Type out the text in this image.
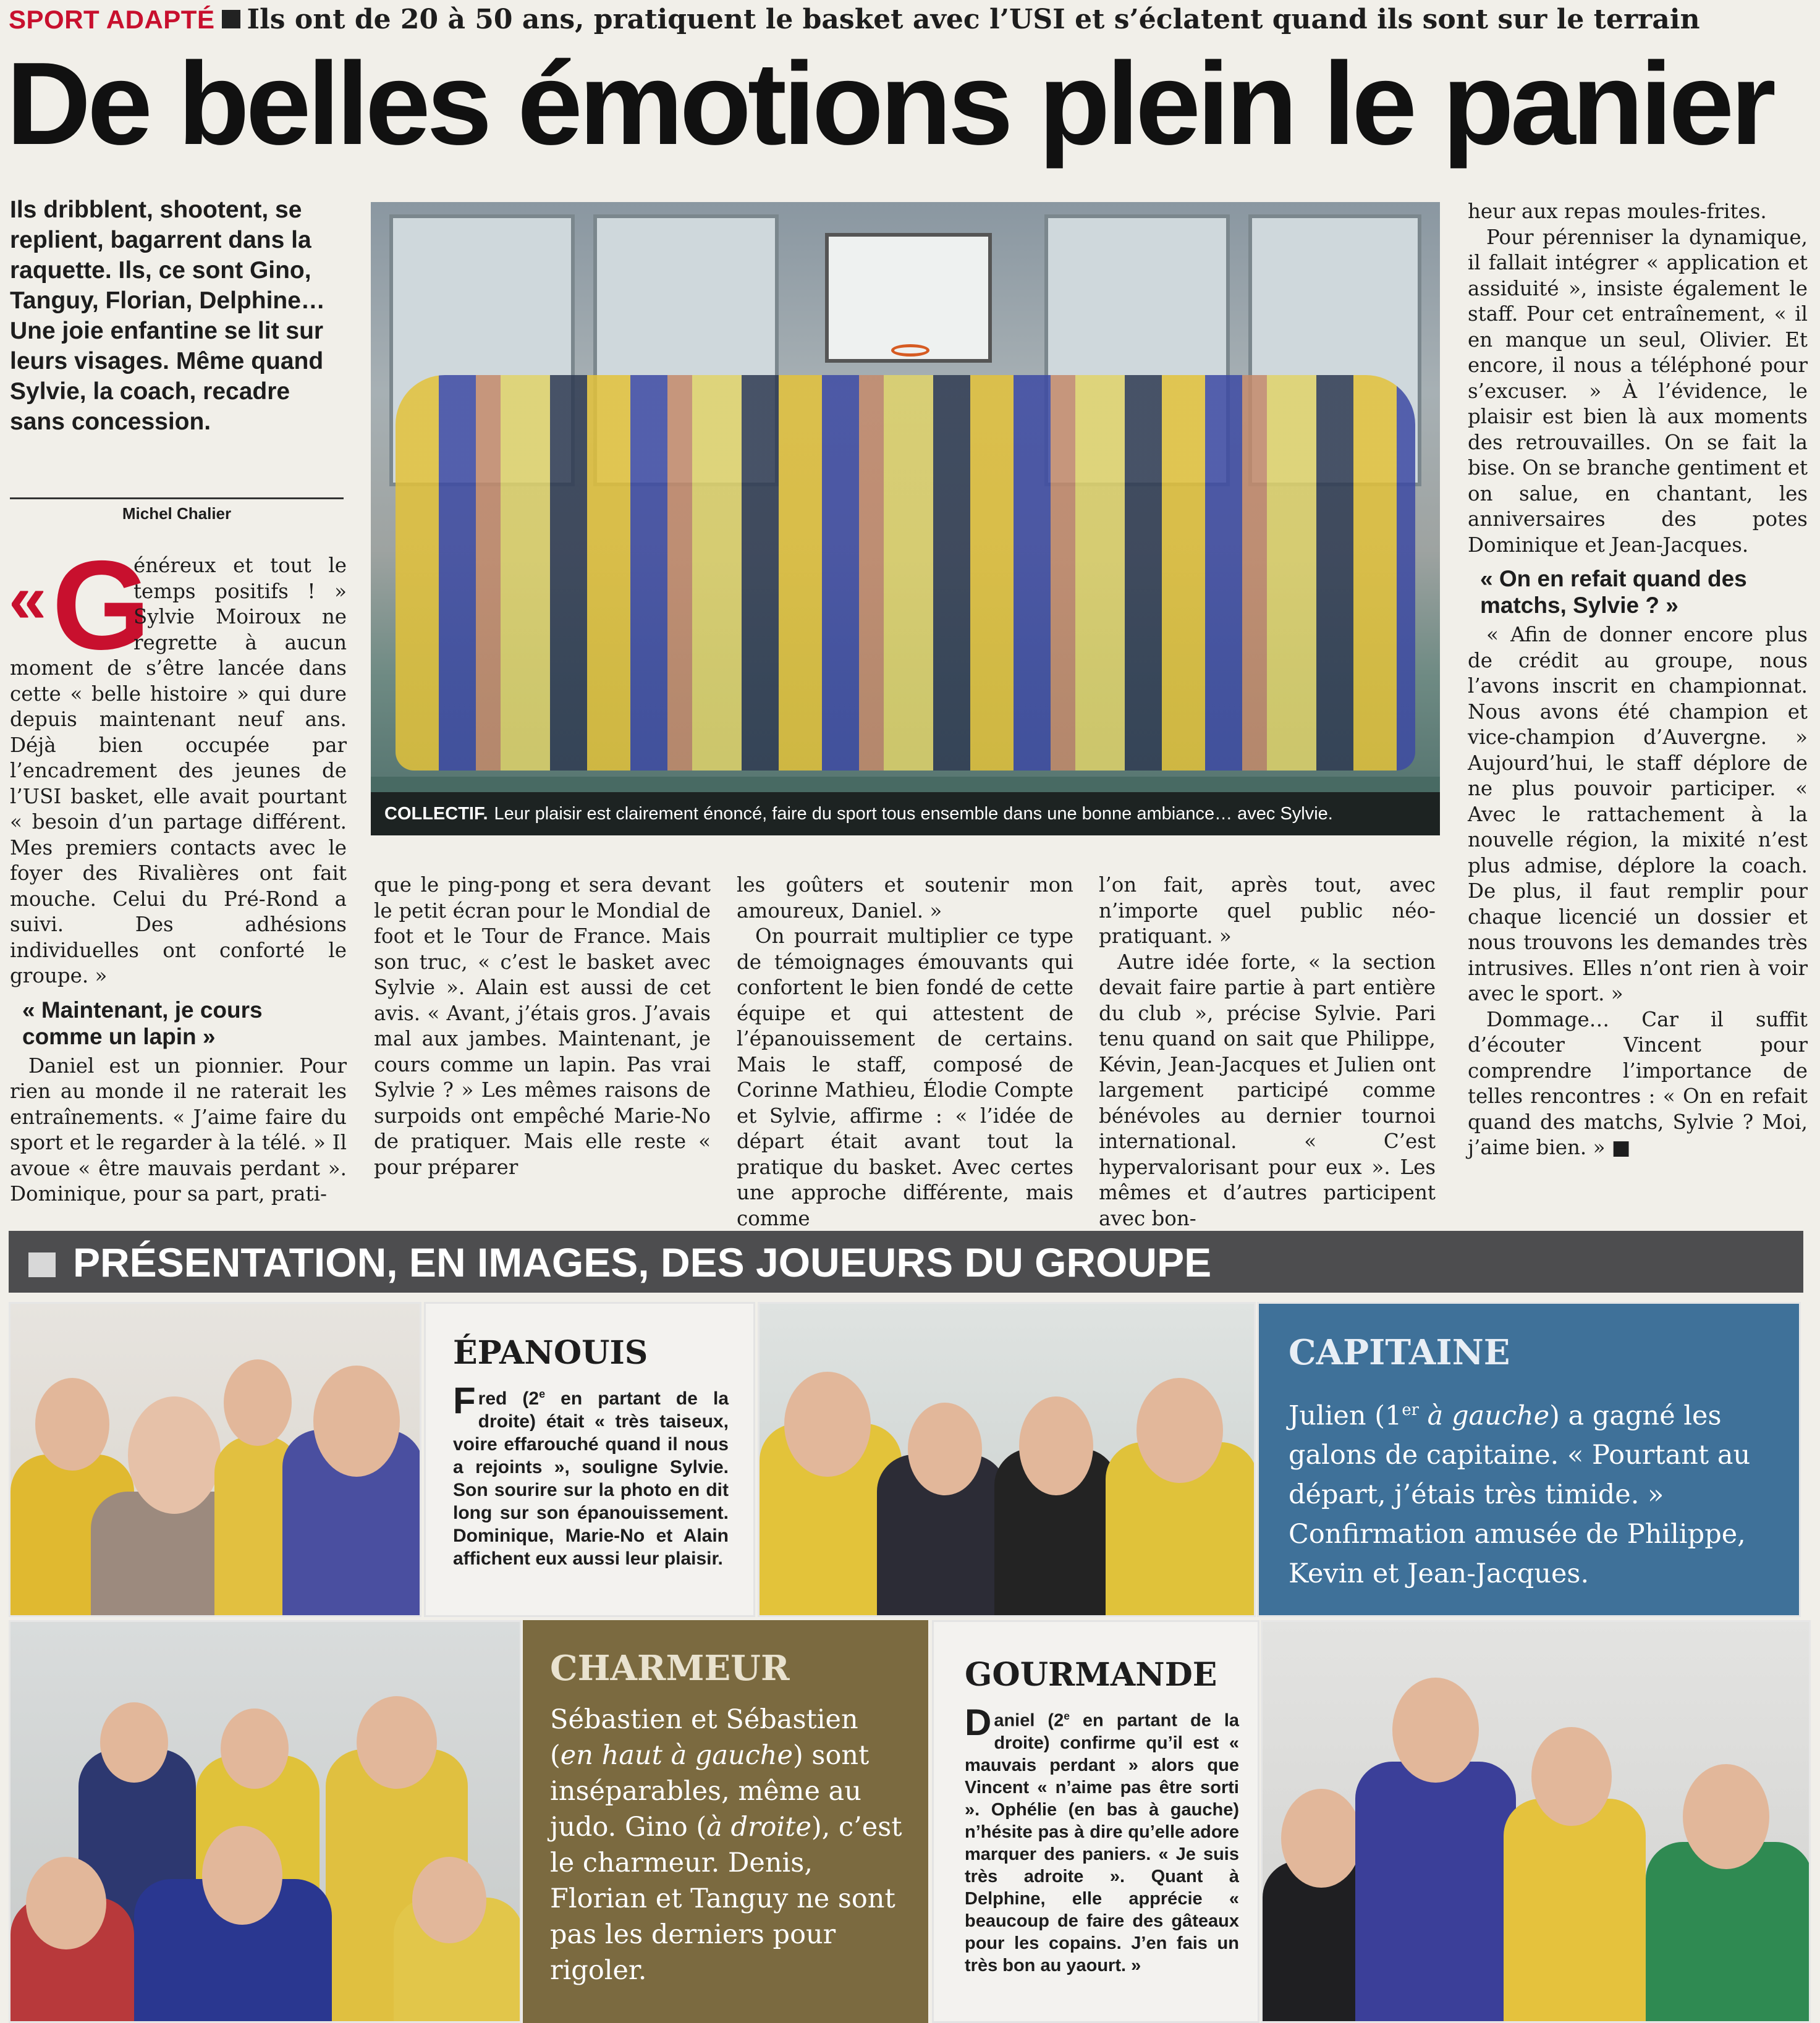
SPORT ADAPTÉ Ils ont de 20 à 50 ans, pratiquent le basket avec l’USI et s’éclatent quand ils sont sur le terrain
De belles émotions plein le panier
Ils dribblent, shootent, se replient, bagarrent dans la raquette. Ils, ce sont Gino, Tanguy, Florian, Delphine… Une joie enfantine se lit sur leurs visages. Même quand Sylvie, la coach, recadre sans concession.
Michel Chalier
COLLECTIF. Leur plaisir est clairement énoncé, faire du sport tous ensemble dans une bonne ambiance… avec Sylvie.
« G

énéreux et tout le temps positifs ! » Sylvie Moiroux ne regrette à aucun moment de s’être lancée dans cette « belle histoire » qui dure depuis maintenant neuf ans. Déjà bien occupée par l’encadrement des jeunes de l’USI basket, elle avait pourtant « besoin d’un partage différent. Mes premiers contacts avec le foyer des Rivalières ont fait mouche. Celui du Pré-Rond a suivi. Des adhésions individuelles ont conforté le groupe. »

« Maintenant, je cours comme un lapin »

Daniel est un pionnier. Pour rien au monde il ne raterait les entraînements. « J’aime faire du sport et le regarder à la télé. » Il avoue « être mauvais perdant ». Dominique, pour sa part, prati-

que le ping-pong et sera devant le petit écran pour le Mondial de foot et le Tour de France. Mais son truc, « c’est le basket avec Sylvie ». Alain est aussi de cet avis. « Avant, j’étais gros. J’avais mal aux jambes. Maintenant, je cours comme un lapin. Pas vrai Sylvie ? » Les mêmes raisons de surpoids ont empêché Marie-No de pratiquer. Mais elle reste « pour préparer

les goûters et soutenir mon amoureux, Daniel. »

On pourrait multiplier ce type de témoignages émouvants qui confortent le bien fondé de cette équipe et qui attestent de l’épanouissement de certains. Mais le staff, composé de Corinne Mathieu, Élodie Compte et Sylvie, affirme : « l’idée de départ était avant tout la pratique du basket. Avec certes une approche différente, mais comme

l’on fait, après tout, avec n’importe quel public néo-pratiquant. »

Autre idée forte, « la section devait faire partie à part entière du club », précise Sylvie. Pari tenu quand on sait que Philippe, Kévin, Jean-Jacques et Julien ont largement participé comme bénévoles au dernier tournoi international. « C’est hypervalorisant pour eux ». Les mêmes et d’autres participent avec bon-

heur aux repas moules-frites.

Pour pérenniser la dynamique, il fallait intégrer « application et assiduité », insiste également le staff. Pour cet entraînement, « il en manque un seul, Olivier. Et encore, il nous a téléphoné pour s’excuser. » À l’évidence, le plaisir est bien là aux moments des retrouvailles. On se fait la bise. On se branche gentiment et on salue, en chantant, les anniversaires des potes Dominique et Jean-Jacques.

« On en refait quand des matchs, Sylvie ? »

« Afin de donner encore plus de crédit au groupe, nous l’avons inscrit en championnat. Nous avons été champion et vice-champion d’Auvergne. » Aujourd’hui, le staff déplore de ne plus pouvoir participer. « Avec le rattachement à la nouvelle région, la mixité n’est plus admise, déplore la coach. De plus, il faut remplir pour chaque licencié un dossier et nous trouvons les demandes très intrusives. Elles n’ont rien à voir avec le sport. »

Dommage… Car il suffit d’écouter Vincent pour comprendre l’importance de telles rencontres : « On en refait quand des matchs, Sylvie ? Moi, j’aime bien. » ■

PRÉSENTATION, EN IMAGES, DES JOUEURS DU GROUPE
ÉPANOUIS

Fred (2e en partant de la droite) était « très taiseux, voire effarouché quand il nous a rejoints », souligne Sylvie. Son sourire sur la photo en dit long sur son épanouissement. Dominique, Marie-No et Alain affichent eux aussi leur plaisir.

CAPITAINE

Julien (1er à gauche) a gagné les galons de capitaine. « Pourtant au départ, j’étais très timide. » Confirmation amusée de Philippe, Kevin et Jean-Jacques.

CHARMEUR

Sébastien et Sébastien (en haut à gauche) sont inséparables, même au judo. Gino (à droite), c’est le charmeur. Denis, Florian et Tanguy ne sont pas les derniers pour rigoler.

GOURMANDE

Daniel (2e en partant de la droite) confirme qu’il est « mauvais perdant » alors que Vincent « n’aime pas être sorti ». Ophélie (en bas à gauche) n’hésite pas à dire qu’elle adore marquer des paniers. « Je suis très adroite ». Quant à Delphine, elle apprécie « beaucoup de faire des gâteaux pour les copains. J’en fais un très bon au yaourt. »
